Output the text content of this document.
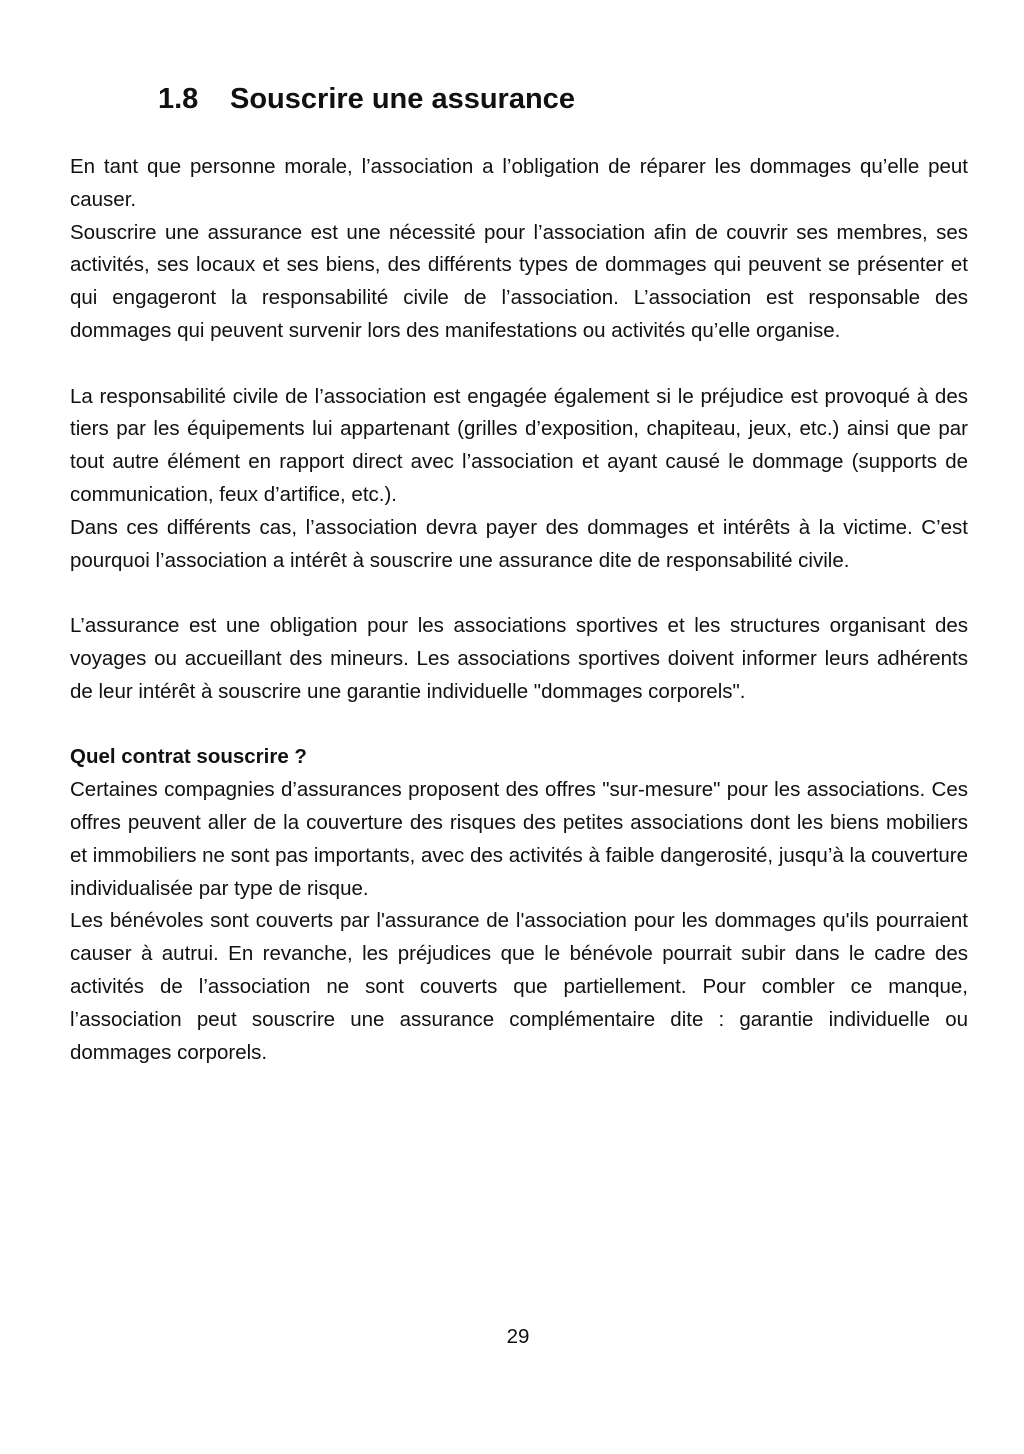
1.8 Souscrire une assurance

En tant que personne morale, l’association a l’obligation de réparer les dommages qu’elle peut causer.

Souscrire une assurance est une nécessité pour l’association afin de couvrir ses membres, ses activités, ses locaux et ses biens, des différents types de dommages qui peuvent se présenter et qui engageront la responsabilité civile de l’association. L’association est responsable des dommages qui peuvent survenir lors des manifestations ou activités qu’elle organise.

La responsabilité civile de l’association est engagée également si le préjudice est provoqué à des tiers par les équipements lui appartenant (grilles d’exposition, chapiteau, jeux, etc.) ainsi que par tout autre élément en rapport direct avec l’association et ayant causé le dommage (supports de communication, feux d’artifice, etc.).

Dans ces différents cas, l’association devra payer des dommages et intérêts à la victime. C’est pourquoi l’association a intérêt à souscrire une assurance dite de responsabilité civile.

L’assurance est une obligation pour les associations sportives et les structures organisant des voyages ou accueillant des mineurs. Les associations sportives doivent informer leurs adhérents de leur intérêt à souscrire une garantie individuelle "dommages corporels".

Quel contrat souscrire ?

Certaines compagnies d’assurances proposent des offres "sur-mesure" pour les associations. Ces offres peuvent aller de la couverture des risques des petites associations dont les biens mobiliers et immobiliers ne sont pas importants, avec des activités à faible dangerosité, jusqu’à la couverture individualisée par type de risque.

Les bénévoles sont couverts par l'assurance de l'association pour les dommages qu'ils pourraient causer à autrui. En revanche, les préjudices que le bénévole pourrait subir dans le cadre des activités de l’association ne sont couverts que partiellement. Pour combler ce manque, l’association peut souscrire une assurance complémentaire dite : garantie individuelle ou dommages corporels.

29
